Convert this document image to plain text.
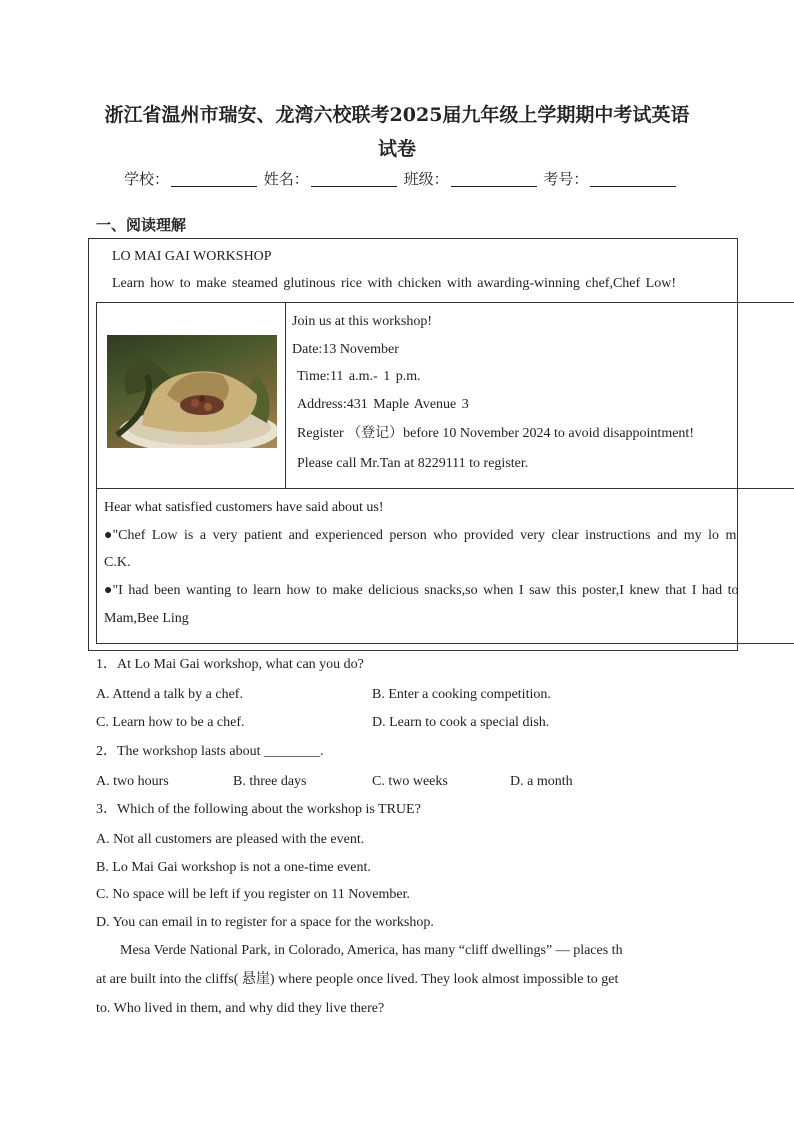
浙江省温州市瑞安、龙湾六校联考2025届九年级上学期期中考试英语
试卷
学校：	姓名：	班级：	考号：
一、阅读理解
LO MAI GAI WORKSHOP
Learn how to make steamed glutinous rice with chicken with awarding-winning chef,Chef Low!
Join us at this workshop!
Date:13 November
Time:11 a.m.- 1 p.m.
Address:431 Maple Avenue 3
Register （登记）before 10 November 2024 to avoid disappointment!
Please call Mr.Tan at 8229111 to register.
Hear what satisfied customers have said about us!
●"Chef Low is a very patient and experienced person who provided very clear instructions and my lo m
C.K.
●"I had been wanting to learn how to make delicious snacks,so when I saw this poster,I knew that I had to
Mam,Bee Ling
1．At Lo Mai Gai workshop, what can you do?
A. Attend a talk by a chef.	B. Enter a cooking competition.
C. Learn how to be a chef.	D. Learn to cook a special dish.
2．The workshop lasts about ________.
A. two hours	B. three days	C. two weeks	D. a month
3．Which of the following about the workshop is TRUE?
A. Not all customers are pleased with the event.
B. Lo Mai Gai workshop is not a one-time event.
C. No space will be left if you register on 11 November.
D. You can email in to register for a space for the workshop.
Mesa Verde National Park, in Colorado, America, has many “cliff dwellings” — places th
at are built into the cliffs( 悬崖) where people once lived. They look almost impossible to get
to. Who lived in them, and why did they live there?
